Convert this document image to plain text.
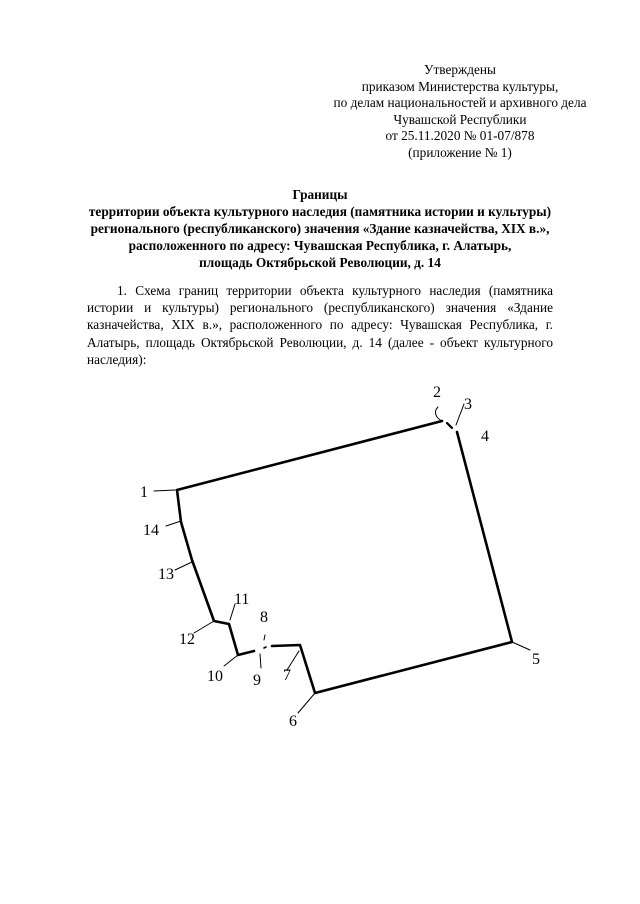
Утверждены
приказом Министерства культуры,
по делам национальностей и архивного дела
Чувашской Республики
от 25.11.2020 № 01-07/878
(приложение № 1)
Границы
территории объекта культурного наследия (памятника истории и культуры)
регионального (республиканского) значения «Здание казначейства, XIX в.»,
расположенного по адресу: Чувашская Республика, г. Алатырь,
площадь Октябрьской Революции, д. 14

1. Схема границ территории объекта культурного наследия (памятника истории и культуры) регионального (республиканского) значения «Здание казначейства, XIX в.», расположенного по адресу: Чувашская Республика, г. Алатырь, площадь Октябрьской Революции, д. 14 (далее - объект культурного наследия):

1
2
3
4
5
6
7
8
9
10
11
12
13
14
